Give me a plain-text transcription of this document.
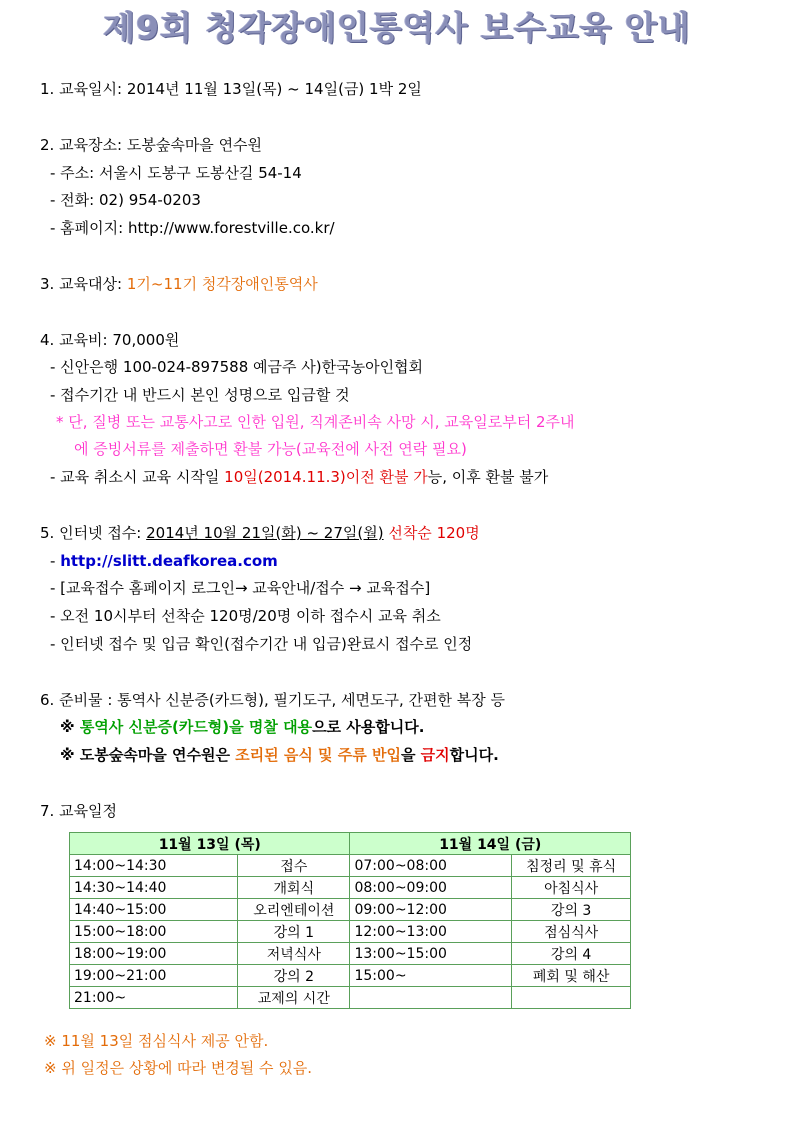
제9회 청각장애인통역사 보수교육 안내
1. 교육일시: 2014년 11월 13일(목) ~ 14일(금) 1박 2일
2. 교육장소: 도봉숲속마을 연수원
- 주소: 서울시 도봉구 도봉산길 54-14
- 전화: 02) 954-0203
- 홈페이지: http://www.forestville.co.kr/
3. 교육대상: 1기~11기 청각장애인통역사
4. 교육비: 70,000원
- 신안은행 100-024-897588 예금주 사)한국농아인협회
- 접수기간 내 반드시 본인 성명으로 입금할 것
* 단, 질병 또는 교통사고로 인한 입원, 직계존비속 사망 시, 교육일로부터 2주내
에 증빙서류를 제출하면 환불 가능(교육전에 사전 연락 필요)
- 교육 취소시 교육 시작일 10일(2014.11.3)이전 환불 가능, 이후 환불 불가
5. 인터넷 접수: 2014년 10월 21일(화) ~ 27일(월) 선착순 120명
- http://slitt.deafkorea.com
- [교육접수 홈페이지 로그인→ 교육안내/접수 → 교육접수]
- 오전 10시부터 선착순 120명/20명 이하 접수시 교육 취소
- 인터넷 접수 및 입금 확인(접수기간 내 입금)완료시 접수로 인정
6. 준비물 : 통역사 신분증(카드형), 필기도구, 세면도구, 간편한 복장 등
※ 통역사 신분증(카드형)을 명찰 대용으로 사용합니다.
※ 도봉숲속마을 연수원은 조리된 음식 및 주류 반입을 금지합니다.
7. 교육일정
11월 13일 (목)		11월 14일 (금)	
14:00~14:30	접수	07:00~08:00	침정리 및 휴식
14:30~14:40	개회식	08:00~09:00	아침식사
14:40~15:00	오리엔테이션	09:00~12:00	강의 3
15:00~18:00	강의 1	12:00~13:00	점심식사
18:00~19:00	저녁식사	13:00~15:00	강의 4
19:00~21:00	강의 2	15:00~	폐회 및 해산
21:00~	교제의 시간		
※ 11월 13일 점심식사 제공 안함.
※ 위 일정은 상황에 따라 변경될 수 있음.
